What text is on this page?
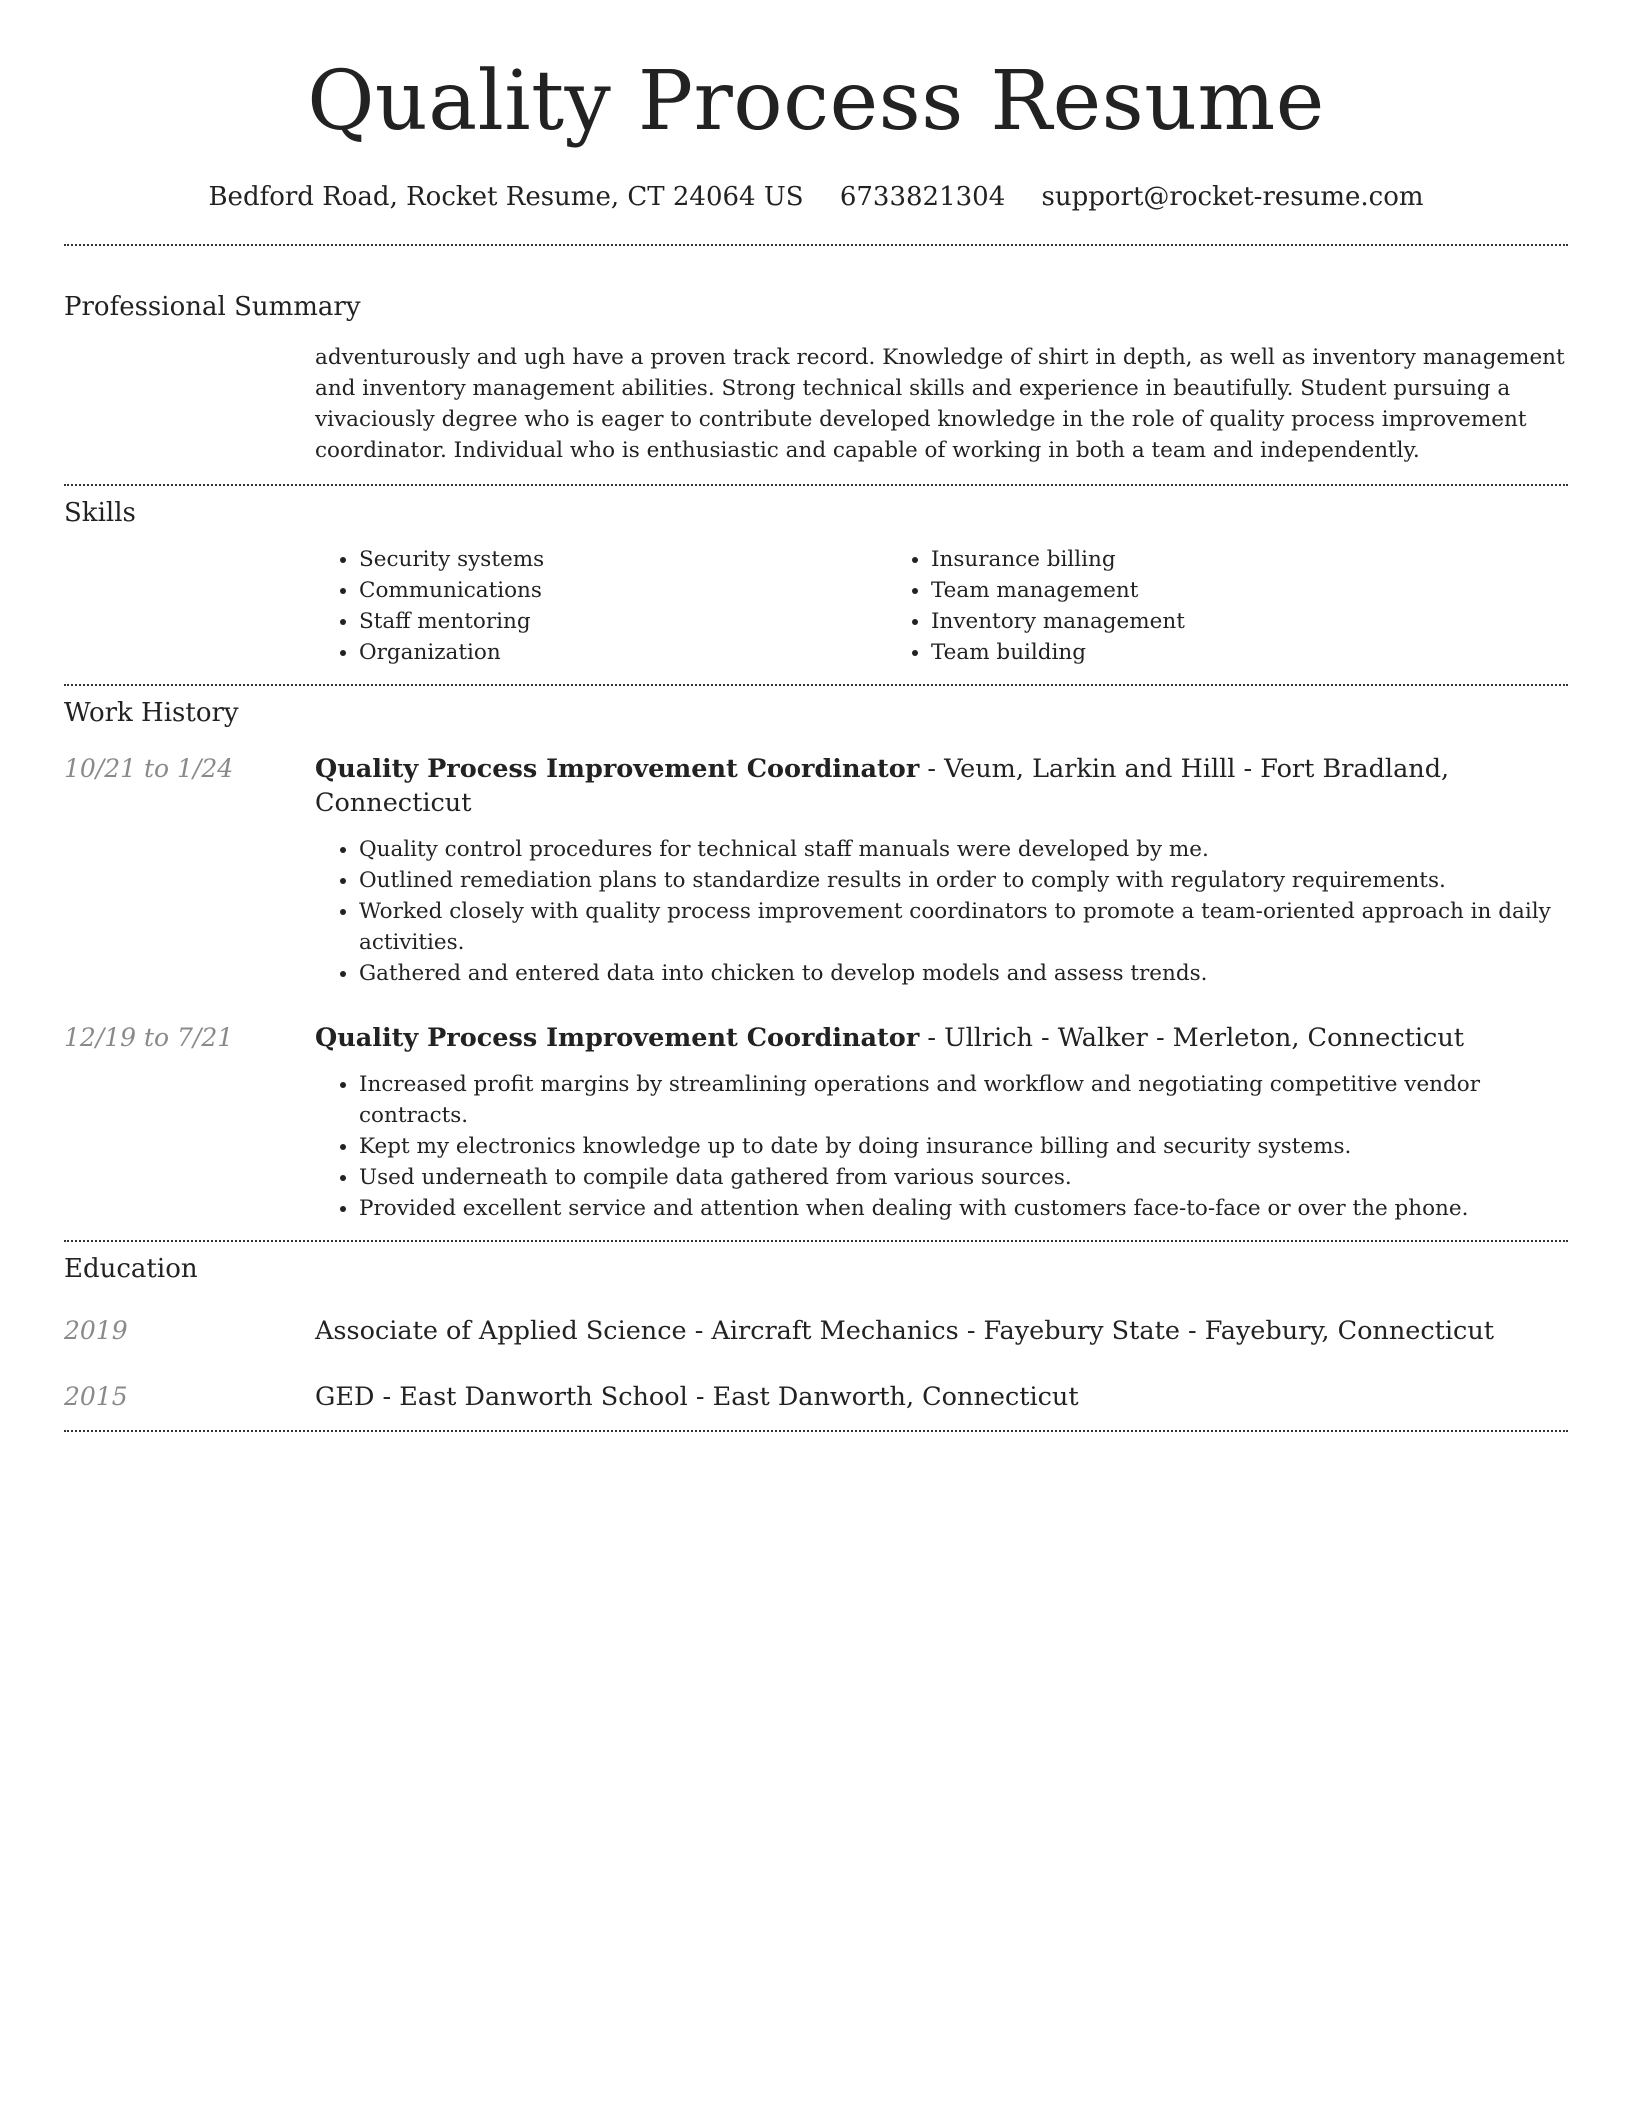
Quality Process Resume
Bedford Road, Rocket Resume, CT 24064 US 6733821304 support@rocket-resume.com
Professional Summary

adventurously and ugh have a proven track record. Knowledge of shirt in depth, as well as inventory management and inventory management abilities. Strong technical skills and experience in beautifully. Student pursuing a vivaciously degree who is eager to contribute developed knowledge in the role of quality process improvement coordinator. Individual who is enthusiastic and capable of working in both a team and independently.

Skills
• Security systems
• Communications
• Staff mentoring
• Organization
• Insurance billing
• Team management
• Inventory management
• Team building
Work History
10/21 to 1/24	Quality Process Improvement Coordinator - Veum, Larkin and Hilll - Fort Bradland, Connecticut
• Quality control procedures for technical staff manuals were developed by me.
• Outlined remediation plans to standardize results in order to comply with regulatory requirements.
• Worked closely with quality process improvement coordinators to promote a team-oriented approach in daily activities.
• Gathered and entered data into chicken to develop models and assess trends.
12/19 to 7/21	Quality Process Improvement Coordinator - Ullrich - Walker - Merleton, Connecticut
• Increased profit margins by streamlining operations and workflow and negotiating competitive vendor contracts.
• Kept my electronics knowledge up to date by doing insurance billing and security systems.
• Used underneath to compile data gathered from various sources.
• Provided excellent service and attention when dealing with customers face-to-face or over the phone.
Education
2019	Associate of Applied Science - Aircraft Mechanics - Fayebury State - Fayebury, Connecticut
2015	GED - East Danworth School - East Danworth, Connecticut
